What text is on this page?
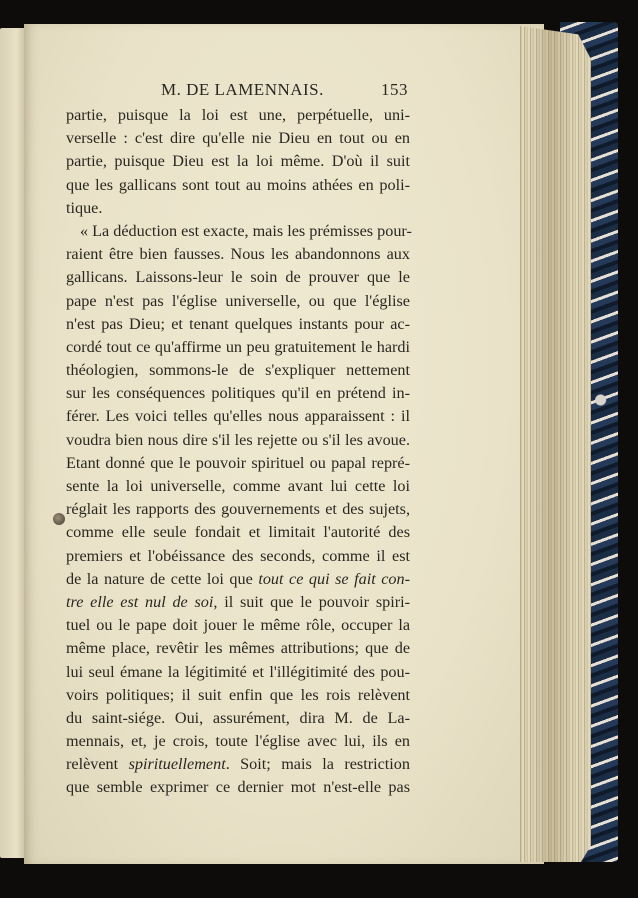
M. DE LAMENNAIS.	153
partie, puisque la loi est une, perpétuelle, uni-
verselle : c'est dire qu'elle nie Dieu en tout ou en
partie, puisque Dieu est la loi même. D'où il suit
que les gallicans sont tout au moins athées en poli-
tique.
« La déduction est exacte, mais les prémisses pour-
raient être bien fausses. Nous les abandonnons aux
gallicans. Laissons-leur le soin de prouver que le
pape n'est pas l'église universelle, ou que l'église
n'est pas Dieu; et tenant quelques instants pour ac-
cordé tout ce qu'affirme un peu gratuitement le hardi
théologien, sommons-le de s'expliquer nettement
sur les conséquences politiques qu'il en prétend in-
férer. Les voici telles qu'elles nous apparaissent : il
voudra bien nous dire s'il les rejette ou s'il les avoue.
Etant donné que le pouvoir spirituel ou papal repré-
sente la loi universelle, comme avant lui cette loi
réglait les rapports des gouvernements et des sujets,
comme elle seule fondait et limitait l'autorité des
premiers et l'obéissance des seconds, comme il est
de la nature de cette loi que tout ce qui se fait con-
tre elle est nul de soi, il suit que le pouvoir spiri-
tuel ou le pape doit jouer le même rôle, occuper la
même place, revêtir les mêmes attributions; que de
lui seul émane la légitimité et l'illégitimité des pou-
voirs politiques; il suit enfin que les rois relèvent
du saint-siége. Oui, assurément, dira M. de La-
mennais, et, je crois, toute l'église avec lui, ils en
relèvent spirituellement. Soit; mais la restriction
que semble exprimer ce dernier mot n'est-elle pas
